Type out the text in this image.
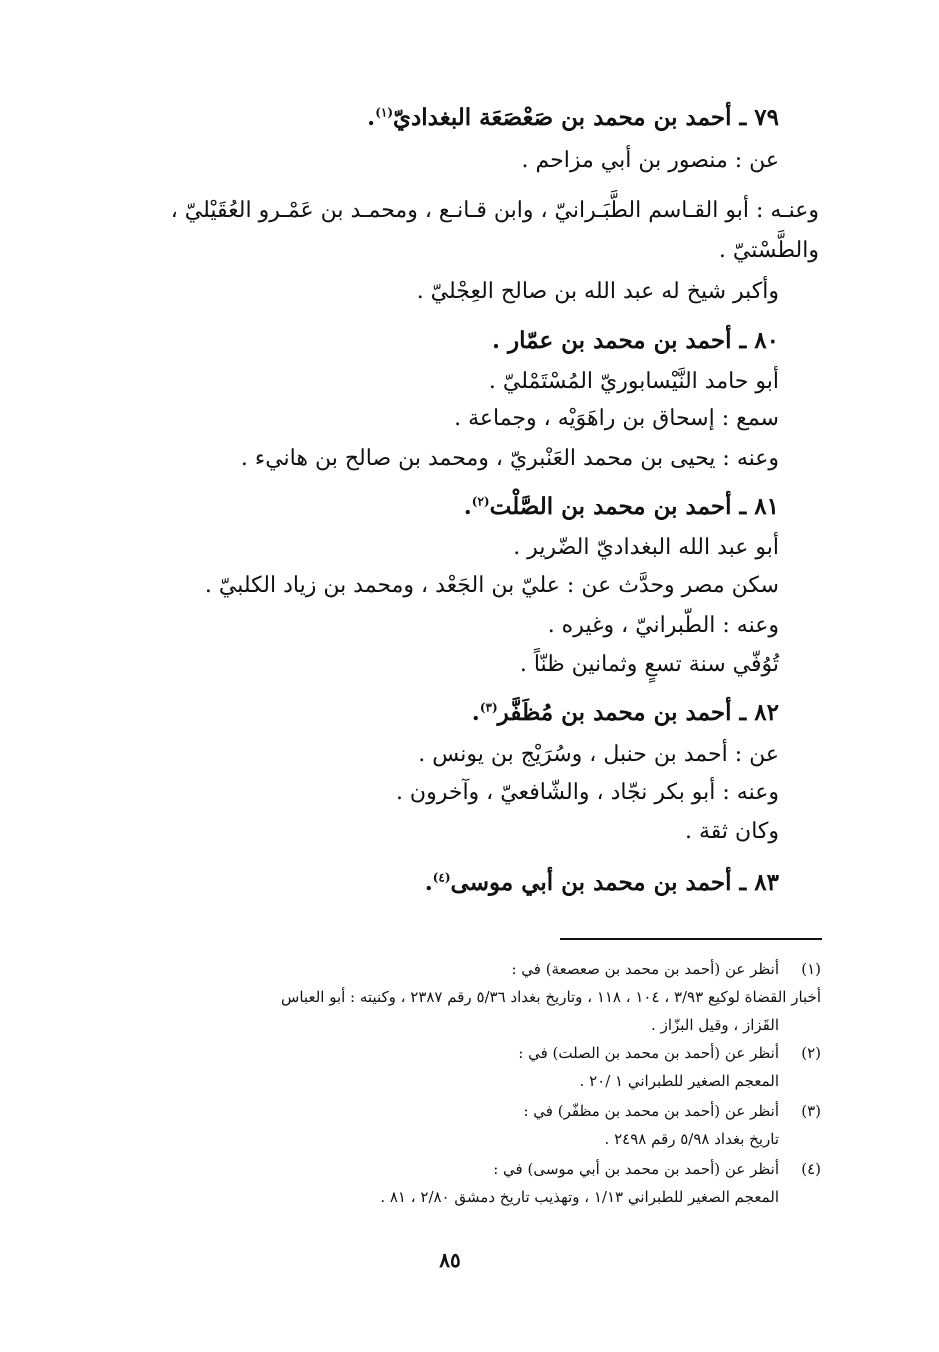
٧٩ ـ أحمد بن محمد بن صَعْصَعَة البغداديّ$^{(١)}$.
عن : منصور بن أبي مزاحم .
وعنـه : أبو القـاسم الطَّبَـرانيّ ، وابن قـانـع ، ومحمـد بن عَمْـرو العُقَيْليّ ،
والطَّسْتيّ .
وأكبر شيخ له عبد الله بن صالح العِجْليّ .
٨٠ ـ أحمد بن محمد بن عمّار .
أبو حامد النَّيْسابوريّ المُسْتَمْليّ .
سمع : إسحاق بن راهَوَيْه ، وجماعة .
وعنه : يحيى بن محمد العَنْبريّ ، ومحمد بن صالح بن هانيء .
٨١ ـ أحمد بن محمد بن الصَّلْت$^{(٢)}$.
أبو عبد الله البغداديّ الضّرير .
سكن مصر وحدَّث عن : عليّ بن الجَعْد ، ومحمد بن زياد الكلبيّ .
وعنه : الطّبرانيّ ، وغيره .
تُوُفّي سنة تسعٍ وثمانين ظنّاً .
٨٢ ـ أحمد بن محمد بن مُظَفَّر$^{(٣)}$.
عن : أحمد بن حنبل ، وسُرَيْج بن يونس .
وعنه : أبو بكر نجّاد ، والشّافعيّ ، وآخرون .
وكان ثقة .
٨٣ ـ أحمد بن محمد بن أبي موسى$^{(٤)}$.
(١)
أنظر عن (أحمد بن محمد بن صعصعة) في :
أخبار القضاة لوكيع ٣/٩٣ ، ١٠٤ ، ١١٨ ، وتاريخ بغداد ٥/٣٦ رقم ٢٣٨٧ ، وكنيته : أبو العباس
القَزاز ، وقيل البزّاز .
(٢)
أنظر عن (أحمد بن محمد بن الصلت) في :
المعجم الصغير للطبراني ١ /٢٠ .
(٣)
أنظر عن (أحمد بن محمد بن مظفّر) في :
تاريخ بغداد ٥/٩٨ رقم ٢٤٩٨ .
(٤)
أنظر عن (أحمد بن محمد بن أبي موسى) في :
المعجم الصغير للطبراني ١/١٣ ، وتهذيب تاريخ دمشق ٢/٨٠ ، ٨١ .
٨٥
